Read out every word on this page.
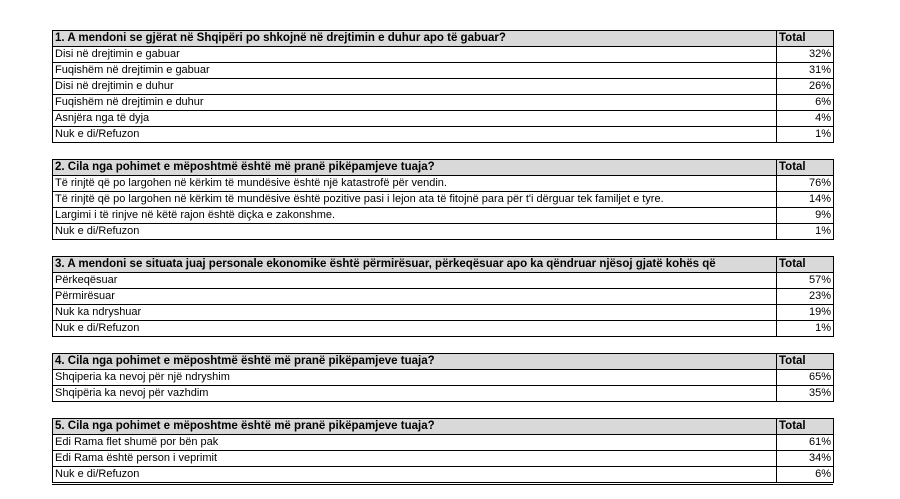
1. A mendoni se gjërat në Shqipëri po shkojnë në drejtimin e duhur apo të gabuar?	Total
Disi në drejtimin e gabuar	32%
Fuqishëm në drejtimin e gabuar	31%
Disi në drejtimin e duhur	26%
Fuqishëm në drejtimin e duhur	6%
Asnjëra nga të dyja	4%
Nuk e di/Refuzon	1%
2. Cila nga pohimet e mëposhtmë është më pranë pikëpamjeve tuaja?	Total
Të rinjtë që po largohen në kërkim të mundësive është një katastrofë për vendin.	76%
Të rinjtë që po largohen në kërkim të mundësive është pozitive pasi i lejon ata të fitojnë para për t'i dërguar tek familjet e tyre.	14%
Largimi i të rinjve në këtë rajon është diçka e zakonshme.	9%
Nuk e di/Refuzon	1%
3. A mendoni se situata juaj personale ekonomike është përmirësuar, përkeqësuar apo ka qëndruar njësoj gjatë kohës që	Total
Përkeqësuar	57%
Përmirësuar	23%
Nuk ka ndryshuar	19%
Nuk e di/Refuzon	1%
4. Cila nga pohimet e mëposhtmë është më pranë pikëpamjeve tuaja?	Total
Shqiperia ka nevoj për një ndryshim	65%
Shqipëria ka nevoj për vazhdim	35%
5. Cila nga pohimet e mëposhtme është më pranë pikëpamjeve tuaja?	Total
Edi Rama flet shumë por bën pak	61%
Edi Rama është person i veprimit	34%
Nuk e di/Refuzon	6%
